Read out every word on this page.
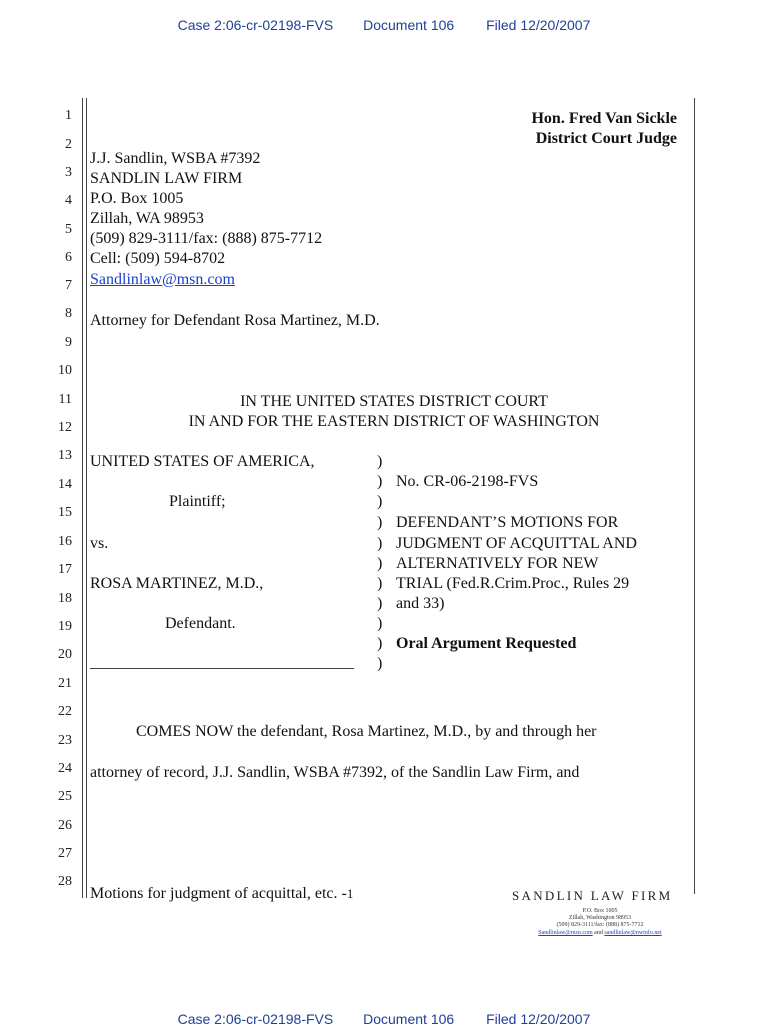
Case 2:06-cr-02198-FVS Document 106 Filed 12/20/2007
1
2
3
4
5
6
7
8
9
10
11
12
13
14
15
16
17
18
19
20
21
22
23
24
25
26
27
28
Hon. Fred Van Sickle
District Court Judge
J.J. Sandlin, WSBA #7392
SANDLIN LAW FIRM
P.O. Box 1005
Zillah, WA 98953
(509) 829-3111/fax: (888) 875-7712
Cell: (509) 594-8702
Sandlinlaw@msn.com
Attorney for Defendant Rosa Martinez, M.D.
IN THE UNITED STATES DISTRICT COURT
IN AND FOR THE EASTERN DISTRICT OF WASHINGTON
UNITED STATES OF AMERICA,
Plaintiff;
vs.
ROSA MARTINEZ, M.D.,
Defendant.
_________________________________
)
)
)
)
)
)
)
)
)
)
)
No. CR-06-2198-FVS
DEFENDANT’S MOTIONS FOR
JUDGMENT OF ACQUITTAL AND
ALTERNATIVELY FOR NEW
TRIAL (Fed.R.Crim.Proc., Rules 29
and 33)
Oral Argument Requested
COMES NOW the defendant, Rosa Martinez, M.D., by and through her
attorney of record, J.J. Sandlin, WSBA #7392, of the Sandlin Law Firm, and
Motions for judgment of acquittal, etc. -1	SANDLIN LAW FIRM
P.O. Box 1005
Zillah, Washington 98953
(509) 829-3111/fax: (888) 875-7712
Sandlinlaw@msn.com and sandlinlaw@nwinfo.net
Case 2:06-cr-02198-FVS Document 106 Filed 12/20/2007
